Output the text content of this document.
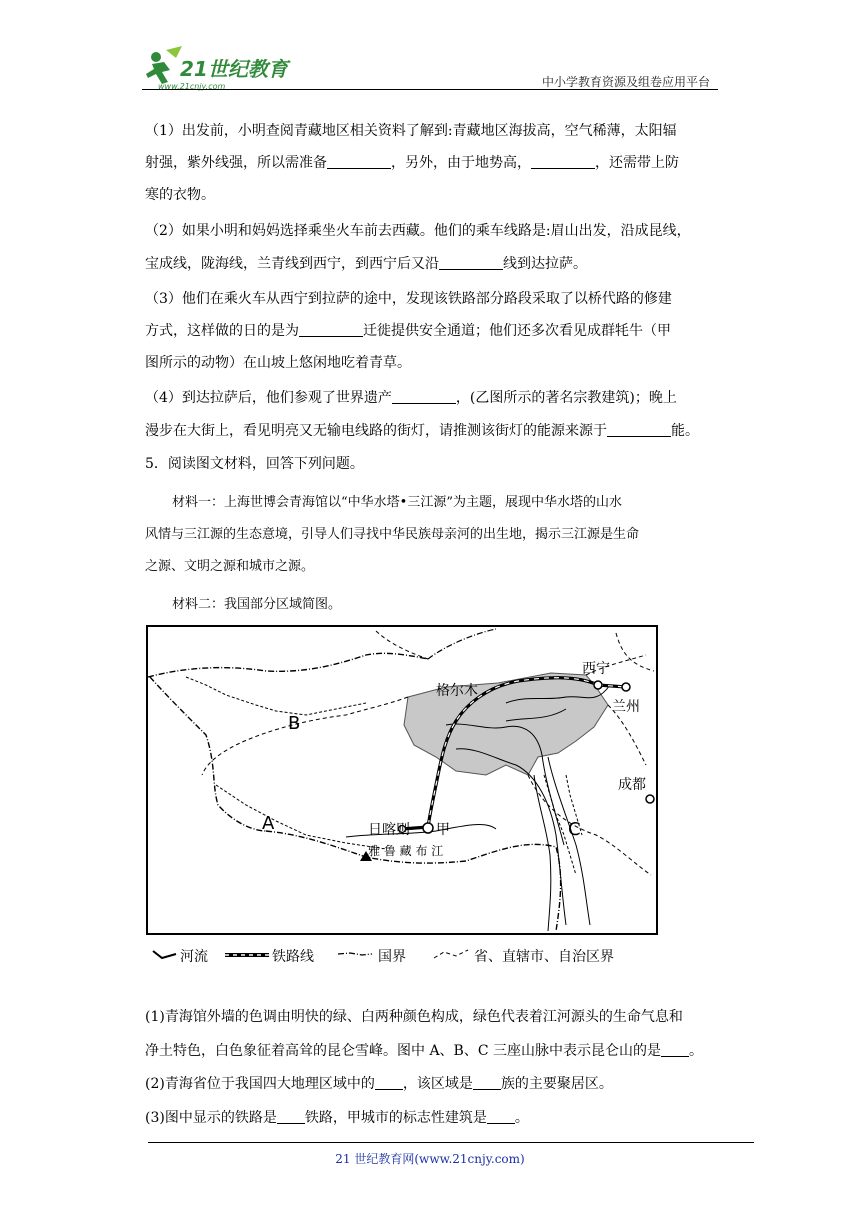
21世纪教育
www.21cnjy.com	中小学教育资源及组卷应用平台
（1）出发前，小明查阅青藏地区相关资料了解到:青藏地区海拔高，空气稀薄，太阳辐
射强，紫外线强，所以需准备	，另外，由于地势高，	，还需带上防
寒的衣物。
（2）如果小明和妈妈选择乘坐火车前去西藏。他们的乘车线路是:眉山出发，沿成昆线，
宝成线，陇海线，兰青线到西宁，到西宁后又沿	线到达拉萨。
（3）他们在乘火车从西宁到拉萨的途中，发现该铁路部分路段采取了以桥代路的修建
方式，这样做的日的是为	迁徙提供安全通道；他们还多次看见成群牦牛（甲
图所示的动物）在山坡上悠闲地吃着青草。
（4）到达拉萨后，他们参观了世界遗产	，(乙图所示的著名宗教建筑)；晚上
漫步在大街上，看见明亮又无输电线路的街灯，请推测该街灯的能源来源于	能。
5．阅读图文材料，回答下列问题。
材料一：上海世博会青海馆以“中华水塔•三江源”为主题，展现中华水塔的山水
风情与三江源的生态意境，引导人们寻找中华民族母亲河的出生地，揭示三江源是生命
之源、文明之源和城市之源。
材料二：我国部分区域简图。
西宁
兰州
格尔木
成都
日喀则 甲
A
B
C
雅 鲁 藏 布 江
河流	铁路线	国界	省、直辖市、自治区界
(1)青海馆外墙的色调由明快的绿、白两种颜色构成，绿色代表着江河源头的生命气息和
净土特色，白色象征着高耸的昆仑雪峰。图中 A、B、C 三座山脉中表示昆仑山的是 。
(2)青海省位于我国四大地理区域中的 ，该区域是 族的主要聚居区。
(3)图中显示的铁路是 铁路，甲城市的标志性建筑是 。
21 世纪教育网(www.21cnjy.com)
